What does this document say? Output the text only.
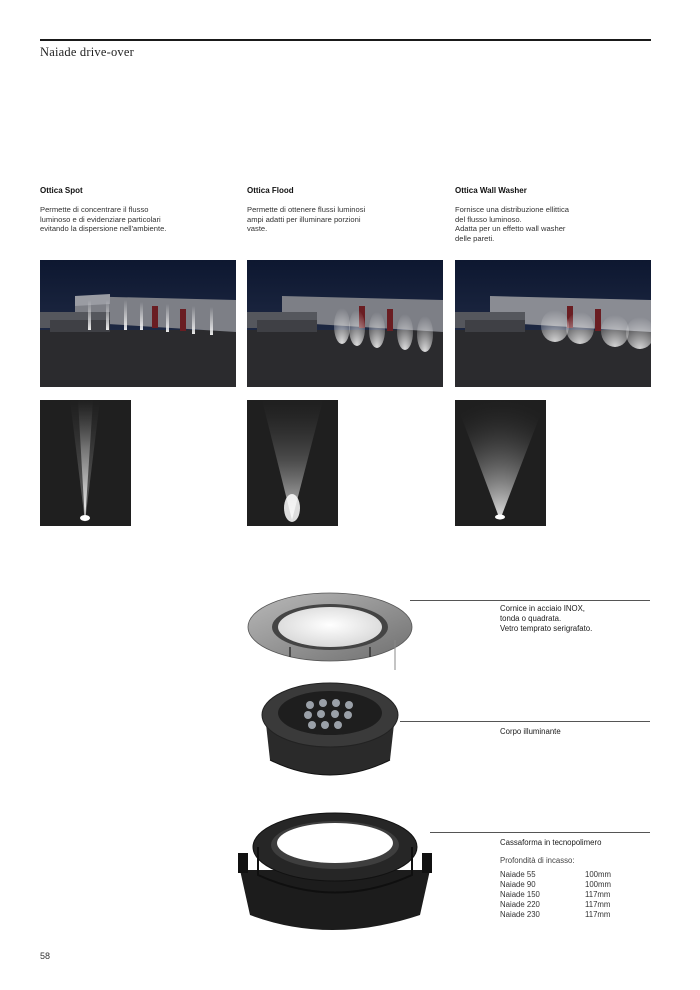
Naiade drive-over
Ottica Spot

Permette di concentrare il flusso
luminoso e di evidenziare particolari
evitando la dispersione nell'ambiente.

Ottica Flood

Permette di ottenere flussi luminosi
ampi adatti per illuminare porzioni
vaste.

Ottica Wall Washer

Fornisce una distribuzione ellittica
del flusso luminoso.
Adatta per un effetto wall washer
delle pareti.

Cornice in acciaio INOX,
tonda o quadrata.
Vetro temprato serigrafato.
Corpo illuminante
Cassaforma in tecnopolimero
Profondità di incasso:
Naiade 55	100mm
Naiade 90	100mm
Naiade 150	117mm
Naiade 220	117mm
Naiade 230	117mm
58
